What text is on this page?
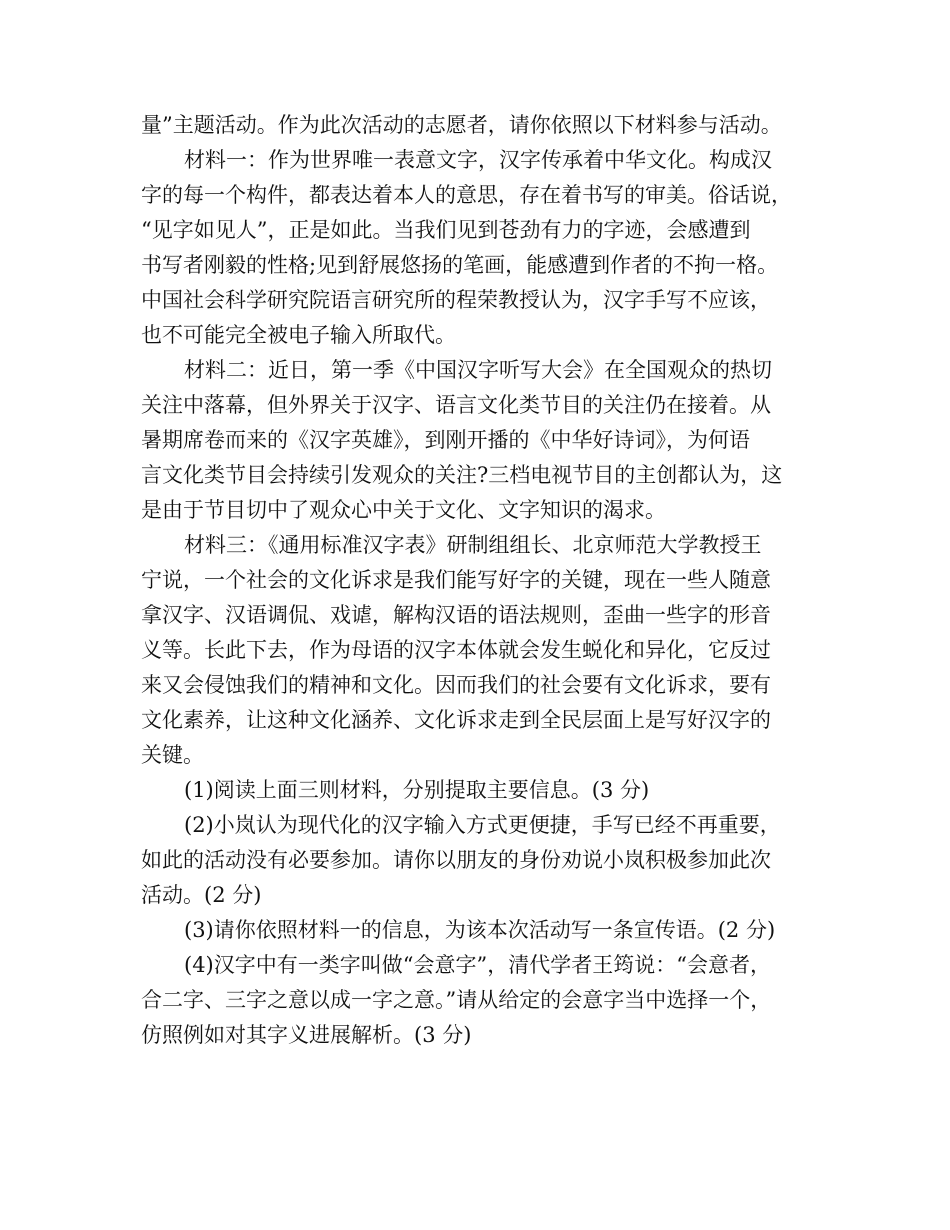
量”主题活动。作为此次活动的志愿者，请你依照以下材料参与活动。
材料一：作为世界唯一表意文字，汉字传承着中华文化。构成汉
字的每一个构件，都表达着本人的意思，存在着书写的审美。俗话说，
“见字如见人”，正是如此。当我们见到苍劲有力的字迹，会感遭到
书写者刚毅的性格;见到舒展悠扬的笔画，能感遭到作者的不拘一格。
中国社会科学研究院语言研究所的程荣教授认为，汉字手写不应该，
也不可能完全被电子输入所取代。
材料二：近日，第一季《中国汉字听写大会》在全国观众的热切
关注中落幕，但外界关于汉字、语言文化类节目的关注仍在接着。从
暑期席卷而来的《汉字英雄》，到刚开播的《中华好诗词》，为何语
言文化类节目会持续引发观众的关注?三档电视节目的主创都认为，这
是由于节目切中了观众心中关于文化、文字知识的渴求。
材料三：《通用标准汉字表》研制组组长、北京师范大学教授王
宁说，一个社会的文化诉求是我们能写好字的关键，现在一些人随意
拿汉字、汉语调侃、戏谑，解构汉语的语法规则，歪曲一些字的形音
义等。长此下去，作为母语的汉字本体就会发生蜕化和异化，它反过
来又会侵蚀我们的精神和文化。因而我们的社会要有文化诉求，要有
文化素养，让这种文化涵养、文化诉求走到全民层面上是写好汉字的
关键。
(1)阅读上面三则材料，分别提取主要信息。(3 分)
(2)小岚认为现代化的汉字输入方式更便捷，手写已经不再重要，
如此的活动没有必要参加。请你以朋友的身份劝说小岚积极参加此次
活动。(2 分)
(3)请你依照材料一的信息，为该本次活动写一条宣传语。(2 分)
(4)汉字中有一类字叫做“会意字”，清代学者王筠说：“会意者，
合二字、三字之意以成一字之意。”请从给定的会意字当中选择一个，
仿照例如对其字义进展解析。(3 分)
